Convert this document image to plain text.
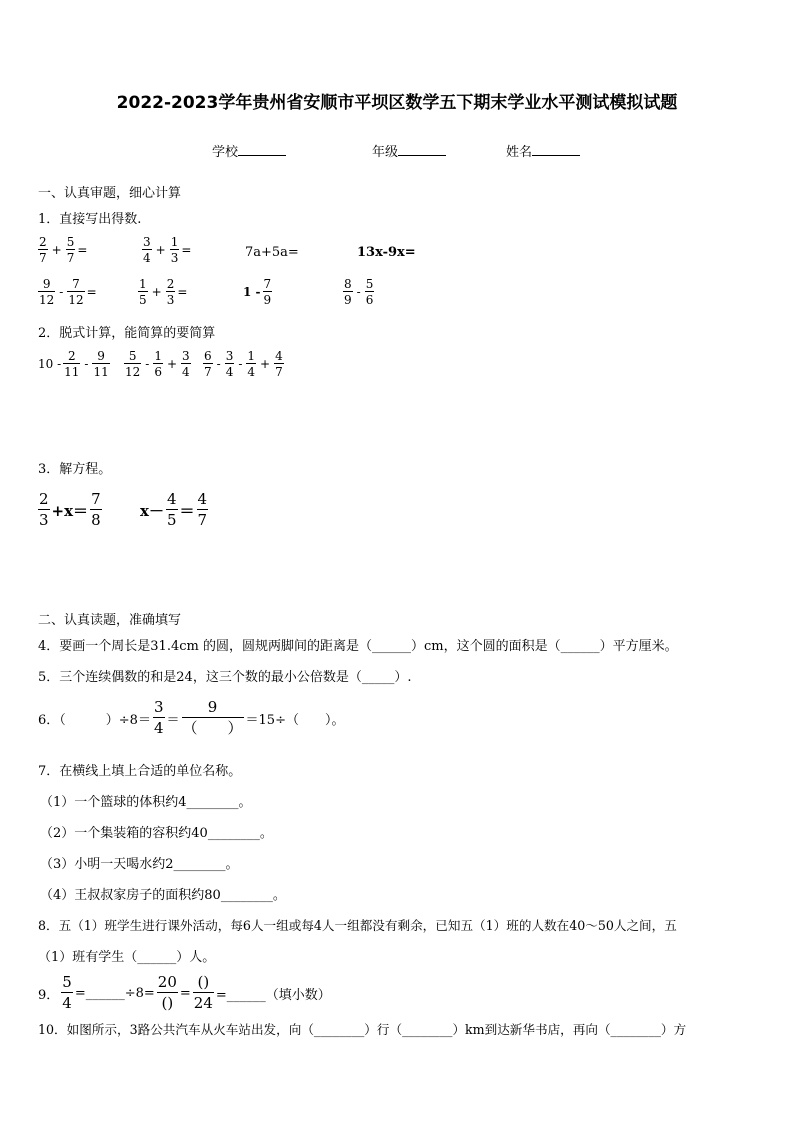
2022-2023学年贵州省安顺市平坝区数学五下期末学业水平测试模拟试题
学校	年级	姓名
一、认真审题，细心计算
1．直接写出得数.
$\frac{2}{7} + \frac{5}{7}$ =	$\frac{3}{4} + \frac{1}{3}$ =	7a+5a=	13x-9x=
$\frac{9}{12} - \frac{7}{12}$ =	$\frac{1}{5} + \frac{2}{3}$ =	$1 - \frac{7}{9}$	$\frac{8}{9} - \frac{5}{6}$
2．脱式计算，能简算的要简算
$10 - \frac{2}{11} - \frac{9}{11} \frac{5}{12} - \frac{1}{6} + \frac{3}{4} \frac{6}{7} - \frac{3}{4} - \frac{1}{4} + \frac{4}{7}$
3．解方程。
$\frac{2}{3} +x= \frac{7}{8}$	$x- \frac{4}{5} = \frac{4}{7}$
二、认真读题，准确填写
4．要画一个周长是31.4cm 的圆，圆规两脚间的距离是（______）cm，这个圆的面积是（______）平方厘米。
5．三个连续偶数的和是24，这三个数的最小公倍数是（_____）.
6．（	）$\div 8= \frac{3}{4} = \frac{9}{( )} =15\div$（　　）。
7．在横线上填上合适的单位名称。
（1）一个篮球的体积约4________。
（2）一个集装箱的容积约40________。
（3）小明一天喝水约2________。
（4）王叔叔家房子的面积约80________。
8．五（1）班学生进行课外活动，每6人一组或每4人一组都没有剩余，已知五（1）班的人数在40～50人之间，五
（1）班有学生（______）人。
9． $\frac{5}{4}$ =______÷8= $\frac{20}{()} = \frac{()}{24}$ =______（填小数）
10．如图所示，3路公共汽车从火车站出发，向（________）行（________）km到达新华书店，再向（________）方
